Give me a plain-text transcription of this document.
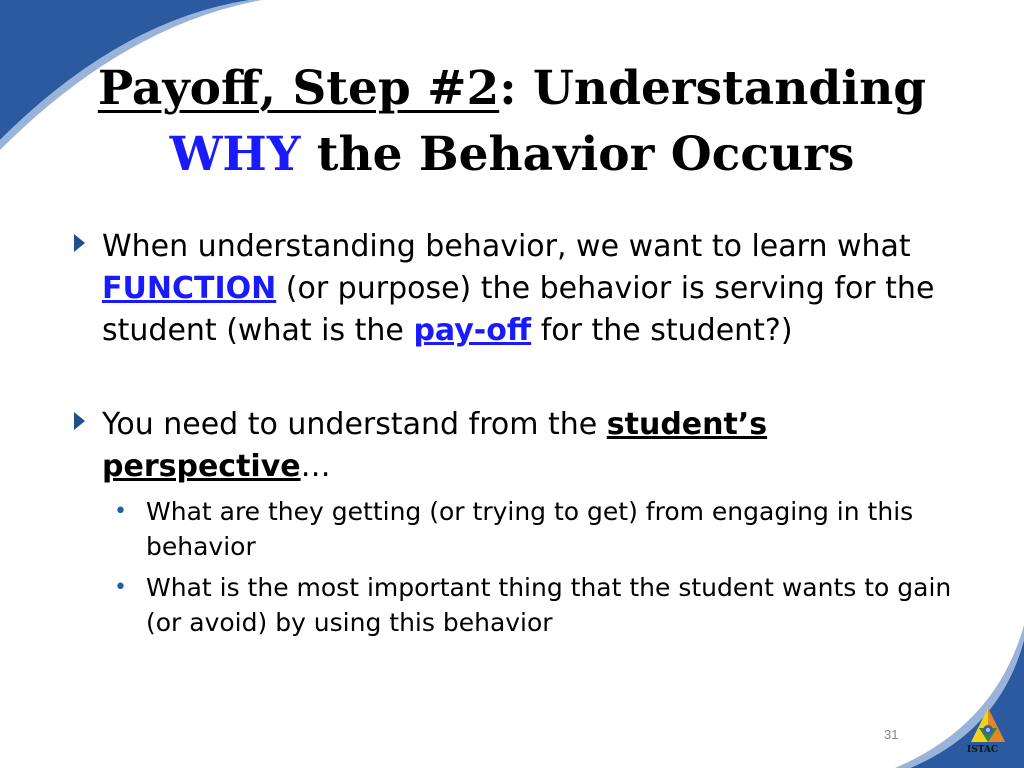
Payoff, Step #2: Understanding
WHY the Behavior Occurs
When understanding behavior, we want to learn what FUNCTION (or purpose) the behavior is serving for the student (what is the pay-off for the student?)
You need to understand from the student’s perspective…
• What are they getting (or trying to get) from engaging in this behavior
• What is the most important thing that the student wants to gain (or avoid) by using this behavior
31
ISTAC
